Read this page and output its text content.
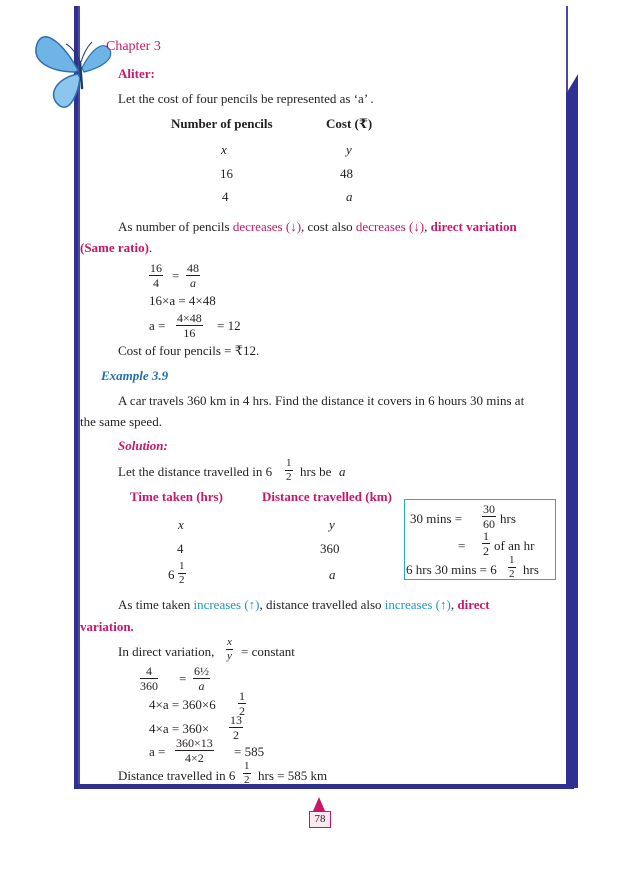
Chapter 3
Aliter:
Let the cost of four pencils be represented as ‘a’ .
Number of pencils	Cost (₹)
x	y
16	48
4	a
As number of pencils decreases (↓), cost also decreases (↓), direct variation
(Same ratio).
$\frac{16}{4} = \frac{48}{a}$
16×a = 4×48
$a = \frac{4\times 48}{16} = 12$
Cost of four pencils = ₹12.
Example 3.9
A car travels 360 km in 4 hrs. Find the distance it covers in 6 hours 30 mins at
the same speed.
Solution:
Let the distance travelled in $6 \frac{1}{2}$ hrs be a
Time taken (hrs)	Distance travelled (km)
x	y
4	360
$6 \frac{1}{2}$	a
30 $\min s = \frac{30}{60}$ hrs
= $\frac{1}{2}$ of an hr
6 hrs 30 $\min s = 6 \frac{1}{2}$ hrs
As time taken increases (↑), distance travelled also increases (↑), direct
variation.
In direct variation, $\frac{x}{y}$ = constant
$\frac{4}{360} = \frac{\text{6½}}{a}$
$4\times a = 360\times 6 \frac{1}{2}$
$4\times a = 360\times \frac{13}{2}$
$a = \frac{360\times 13}{4\times 2} = 585$
Distance travelled in $6 \frac{1}{2}$ hrs = 585 km
78
